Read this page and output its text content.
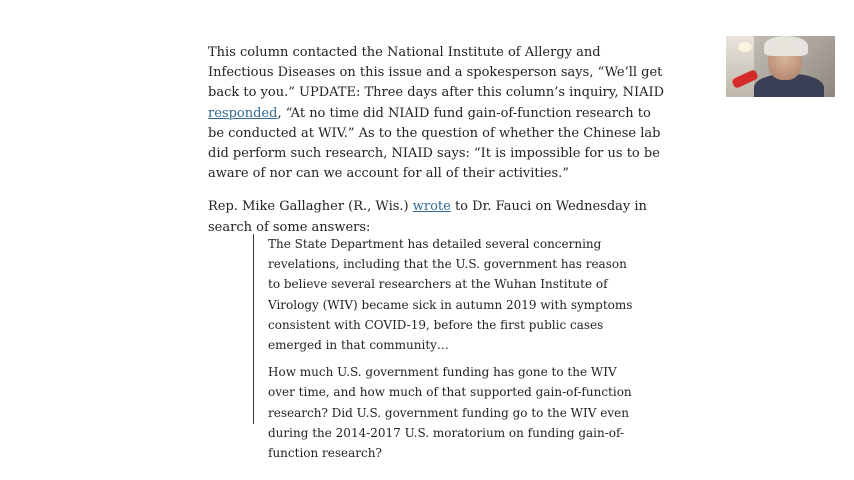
This column contacted the National Institute of Allergy and Infectious Diseases on this issue and a spokesperson says, “We’ll get back to you.” UPDATE: Three days after this column’s inquiry, NIAID responded, “At no time did NIAID fund gain-of-function research to be conducted at WIV.” As to the question of whether the Chinese lab did perform such research, NIAID says: “It is impossible for us to be aware of nor can we account for all of their activities.”

Rep. Mike Gallagher (R., Wis.) wrote to Dr. Fauci on Wednesday in search of some answers:

The State Department has detailed several concerning revelations, including that the U.S. government has reason to believe several researchers at the Wuhan Institute of Virology (WIV) became sick in autumn 2019 with symptoms consistent with COVID-19, before the first public cases emerged in that community…

How much U.S. government funding has gone to the WIV over time, and how much of that supported gain-of-function research? Did U.S. government funding go to the WIV even during the 2014-2017 U.S. moratorium on funding gain-of-function research?
